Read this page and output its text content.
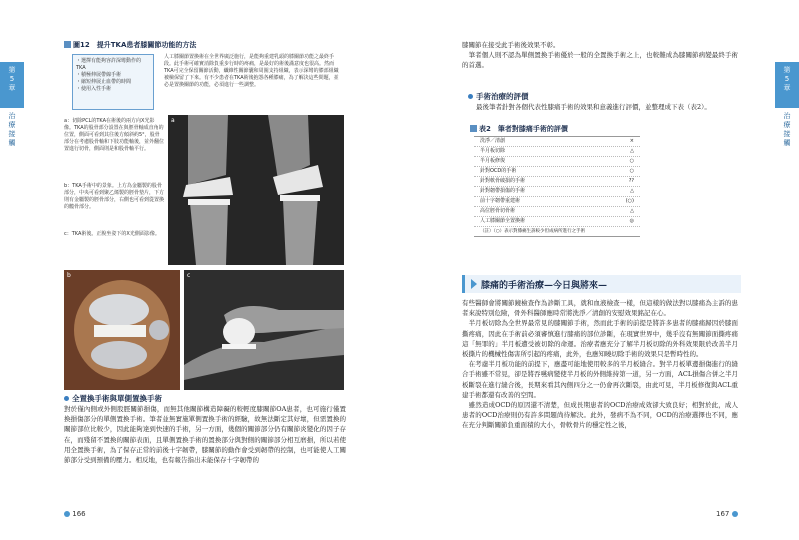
第
5
章
治療接觸
圖12　提升TKA患者膝關節功能的方法
・選擇有能夠容許深彎動作的TKA
・積極伸展帶線手術
・縮短伸展止血帶的時間
・使用入性手術
人工膝關節置換術在全世界廣泛施行，是能夠重建乳頭的膝關節功能之最終手段。此手術可確實消除負重步行時的疼痛，是最好的術後滿意度也很高。然而TKA可完全保留關節活動，纖維性關節囊和周圍支持組織，表示深彎的膝部組織被檢保留了下來。有不少患者在TKA術後抱怨各種膝痛，為了解決這些問題，並必是置換關節的功能，必須進行一些調整。
a：切除PCL的TKA在術後的兩方向X光影像。TKA的股骨部分設置在與脛骨軸成直角的位置，側面可看到其往後方傾斜約5°，股骨部分在考慮股骨軸和下肢功能軸後，並外翻位置進行切骨，側面則是和股骨軸平行。
b：TKA手術中的景象。上方為金屬製的股骨部分，中央可看到聚乙烯製的脛骨墊片，下方則有金屬製的脛骨部分，右側也可看到從置換的髖骨部分。
c：TKA術後。正脫坐姿下的X光側面影像。
a
b	c
全置換手術與單側置換手術
對於僅內側或外側股脛關節損傷，而無其他關節構造障礙的較輕度膝關節OA患者，也可施行僅置換損傷部分的單側置換手術。筆者並無實施單側置換手術的經驗，故無法斷定其好壞，但需置換的關節部位比較少，因此能夠達到快速的手術，另一方面，幾個的關節部分仍有關節炎變化的因子存在，而殘留不置換的關節表面，且單側置換手術的置換部分與對側的關節部分相互磨損，所以若使用全置換手術，為了保存正常的前後十字韌帶，膝關節的動作會受到韌帶的控制，也可能使人工關節部分受到預備的壓力。相反地，也有報告指出未能保存十字韌帶的
166
第
5
章
治療接觸
膝關節在接受此手術後效果不彰。
　筆者個人則不認為單側置換手術優於一般的全置換手術之上，也較難成為膝關節病變最終手術的首選。
手術治療的評價
最後筆者針對各個代表性膝痛手術的效果和意義進行評價，並整理成下表（表2）。
表2　筆者對膝痛手術的評價
洗淨／清創	×
半月板切除	△
半月板修復	○
針對OCD的手術	○
針對軟骨破損的手術	??
針對韌帶損傷的手術	△
前十字韌帶重建術	(○)
高位脛骨切骨術	△
人工膝關節全置換術	◎
（註）（○）表示對膝痛生訴較少但成病所進行之手術
膝痛的手術治療—今日與將來—
有些醫師會將關節鏡檢查作為診斷工具，就和血液檢查一樣，但這樣的做法對以膝痛為主訴的患者來說特別危險，骨外科醫師應時常將洗淨／清創的安慰效果銘記在心。
　半月板切除為全世界最常見的膝關節手術，然而此手術的前提是將許多患者的膝痛歸因於膝面撕疼痛，因此在手術前必須審慎進行膝痛的部位診斷，在現實世界中，幾乎沒有無關節面撕疼痛這「無罪的」半月板遭受被切除的命運。治療者應充分了解半月板切除的外科效果限於改善半月板撕片的機械性傷害所引起的疼痛，此外，也應知曉切除手術的效果只是暫時性的。
　在考慮半月板功能的前提下，應盡可能地使用較多的半月板縫合。對半月板單邊損傷進行的縫合手術雖不常見，卻是將吞嚥病變使半月板的外側維持第一道，另一方面，ACL損傷合併之半月板斷裂在進行縫合後，長期來看其內側四分之一仍會再次斷裂，由此可見，半月板修復與ACL重建手術都還有改善的空間。
　雖然造成OCD的原因還不清楚，但成長期患者的OCD治療成效卻大致良好；相對於此，成人患者的OCD治療則仍有許多問題尚待解決。此外，發病不為不同，OCD的治療選擇也不同，應在充分判斷關節負重面積的大小，骨軟骨片的穩定性之後，
167
